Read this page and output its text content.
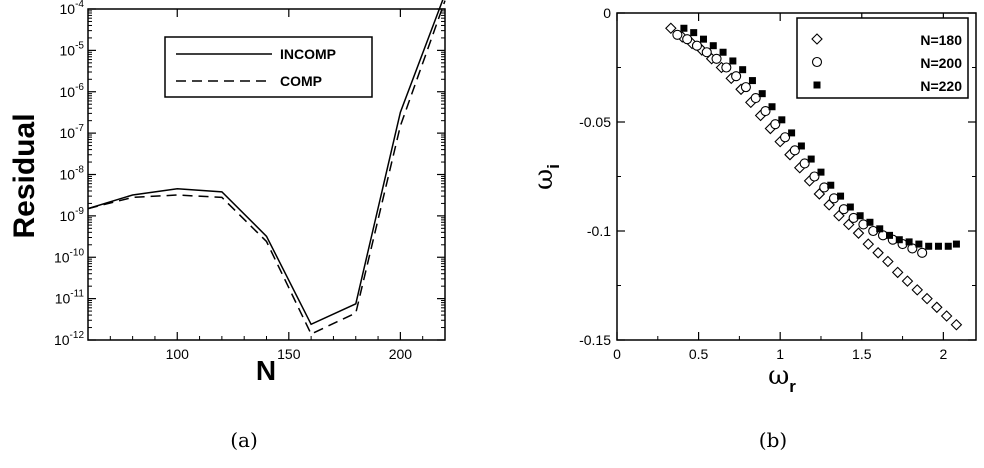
$10^{-12}$
$10^{-11}$
$10^{-10}$
$10^{-9}$
$10^{-8}$
$10^{-7}$
$10^{-6}$
$10^{-5}$
$10^{-4}$
100	150	200
Residual
N
INCOMP
COMP
0
-0.05
-0.1
-0.15
0	0.5	1	1.5	2
$\omega_i$
$\omega_r$
N=180
N=200
N=220
(a)	(b)
